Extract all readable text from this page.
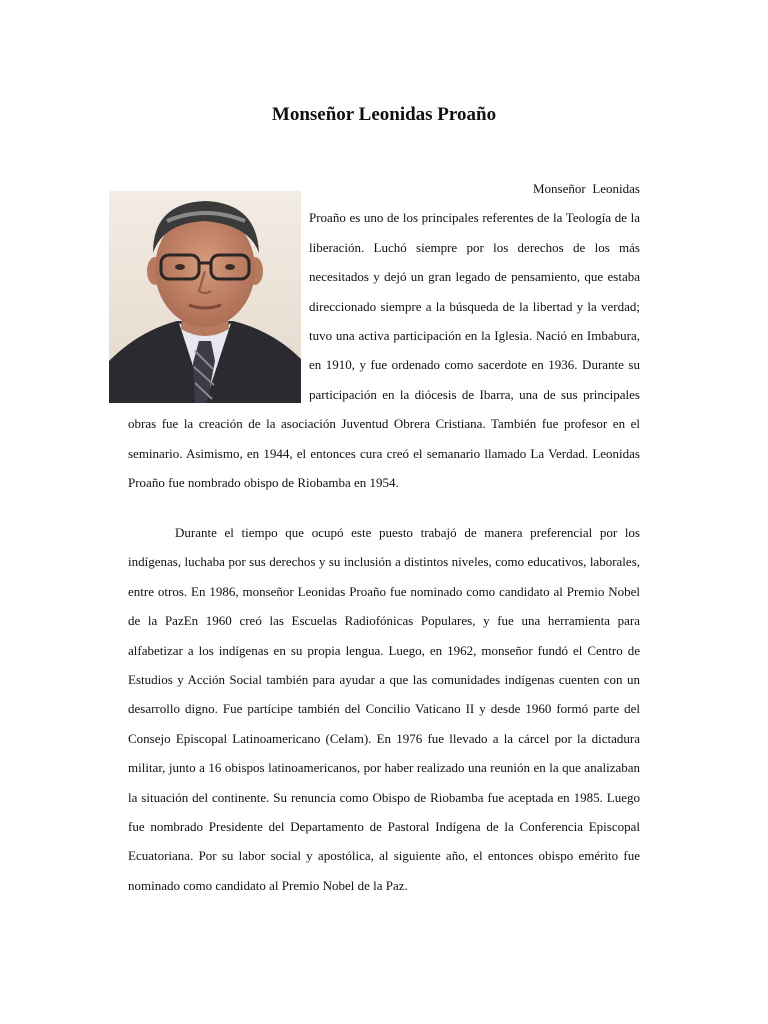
Monseñor Leonidas Proaño

Monseñor Leonidas Proaño es uno de los principales referentes de la Teología de la liberación. Luchó siempre por los derechos de los más necesitados y dejó un gran legado de pensamiento, que estaba direccionado siempre a la búsqueda de la libertad y la verdad; tuvo una activa participación en la Iglesia. Nació en Imbabura, en 1910, y fue ordenado como sacerdote en 1936. Durante su participación en la diócesis de Ibarra, una de sus principales obras fue la creación de la asociación Juventud Obrera Cristiana. También fue profesor en el seminario. Asimismo, en 1944, el entonces cura creó el semanario llamado La Verdad. Leonidas Proaño fue nombrado obispo de Riobamba en 1954.

Durante el tiempo que ocupó este puesto trabajó de manera preferencial por los indígenas, luchaba por sus derechos y su inclusión a distintos niveles, como educativos, laborales, entre otros. En 1986, monseñor Leonidas Proaño fue nominado como candidato al Premio Nobel de la PazEn 1960 creó las Escuelas Radiofónicas Populares, y fue una herramienta para alfabetizar a los indígenas en su propia lengua. Luego, en 1962, monseñor fundó el Centro de Estudios y Acción Social también para ayudar a que las comunidades indígenas cuenten con un desarrollo digno. Fue partícipe también del Concilio Vaticano II y desde 1960 formó parte del Consejo Episcopal Latinoamericano (Celam). En 1976 fue llevado a la cárcel por la dictadura militar, junto a 16 obispos latinoamericanos, por haber realizado una reunión en la que analizaban la situación del continente. Su renuncia como Obispo de Riobamba fue aceptada en 1985. Luego fue nombrado Presidente del Departamento de Pastoral Indígena de la Conferencia Episcopal Ecuatoriana. Por su labor social y apostólica, al siguiente año, el entonces obispo emérito fue nominado como candidato al Premio Nobel de la Paz.
